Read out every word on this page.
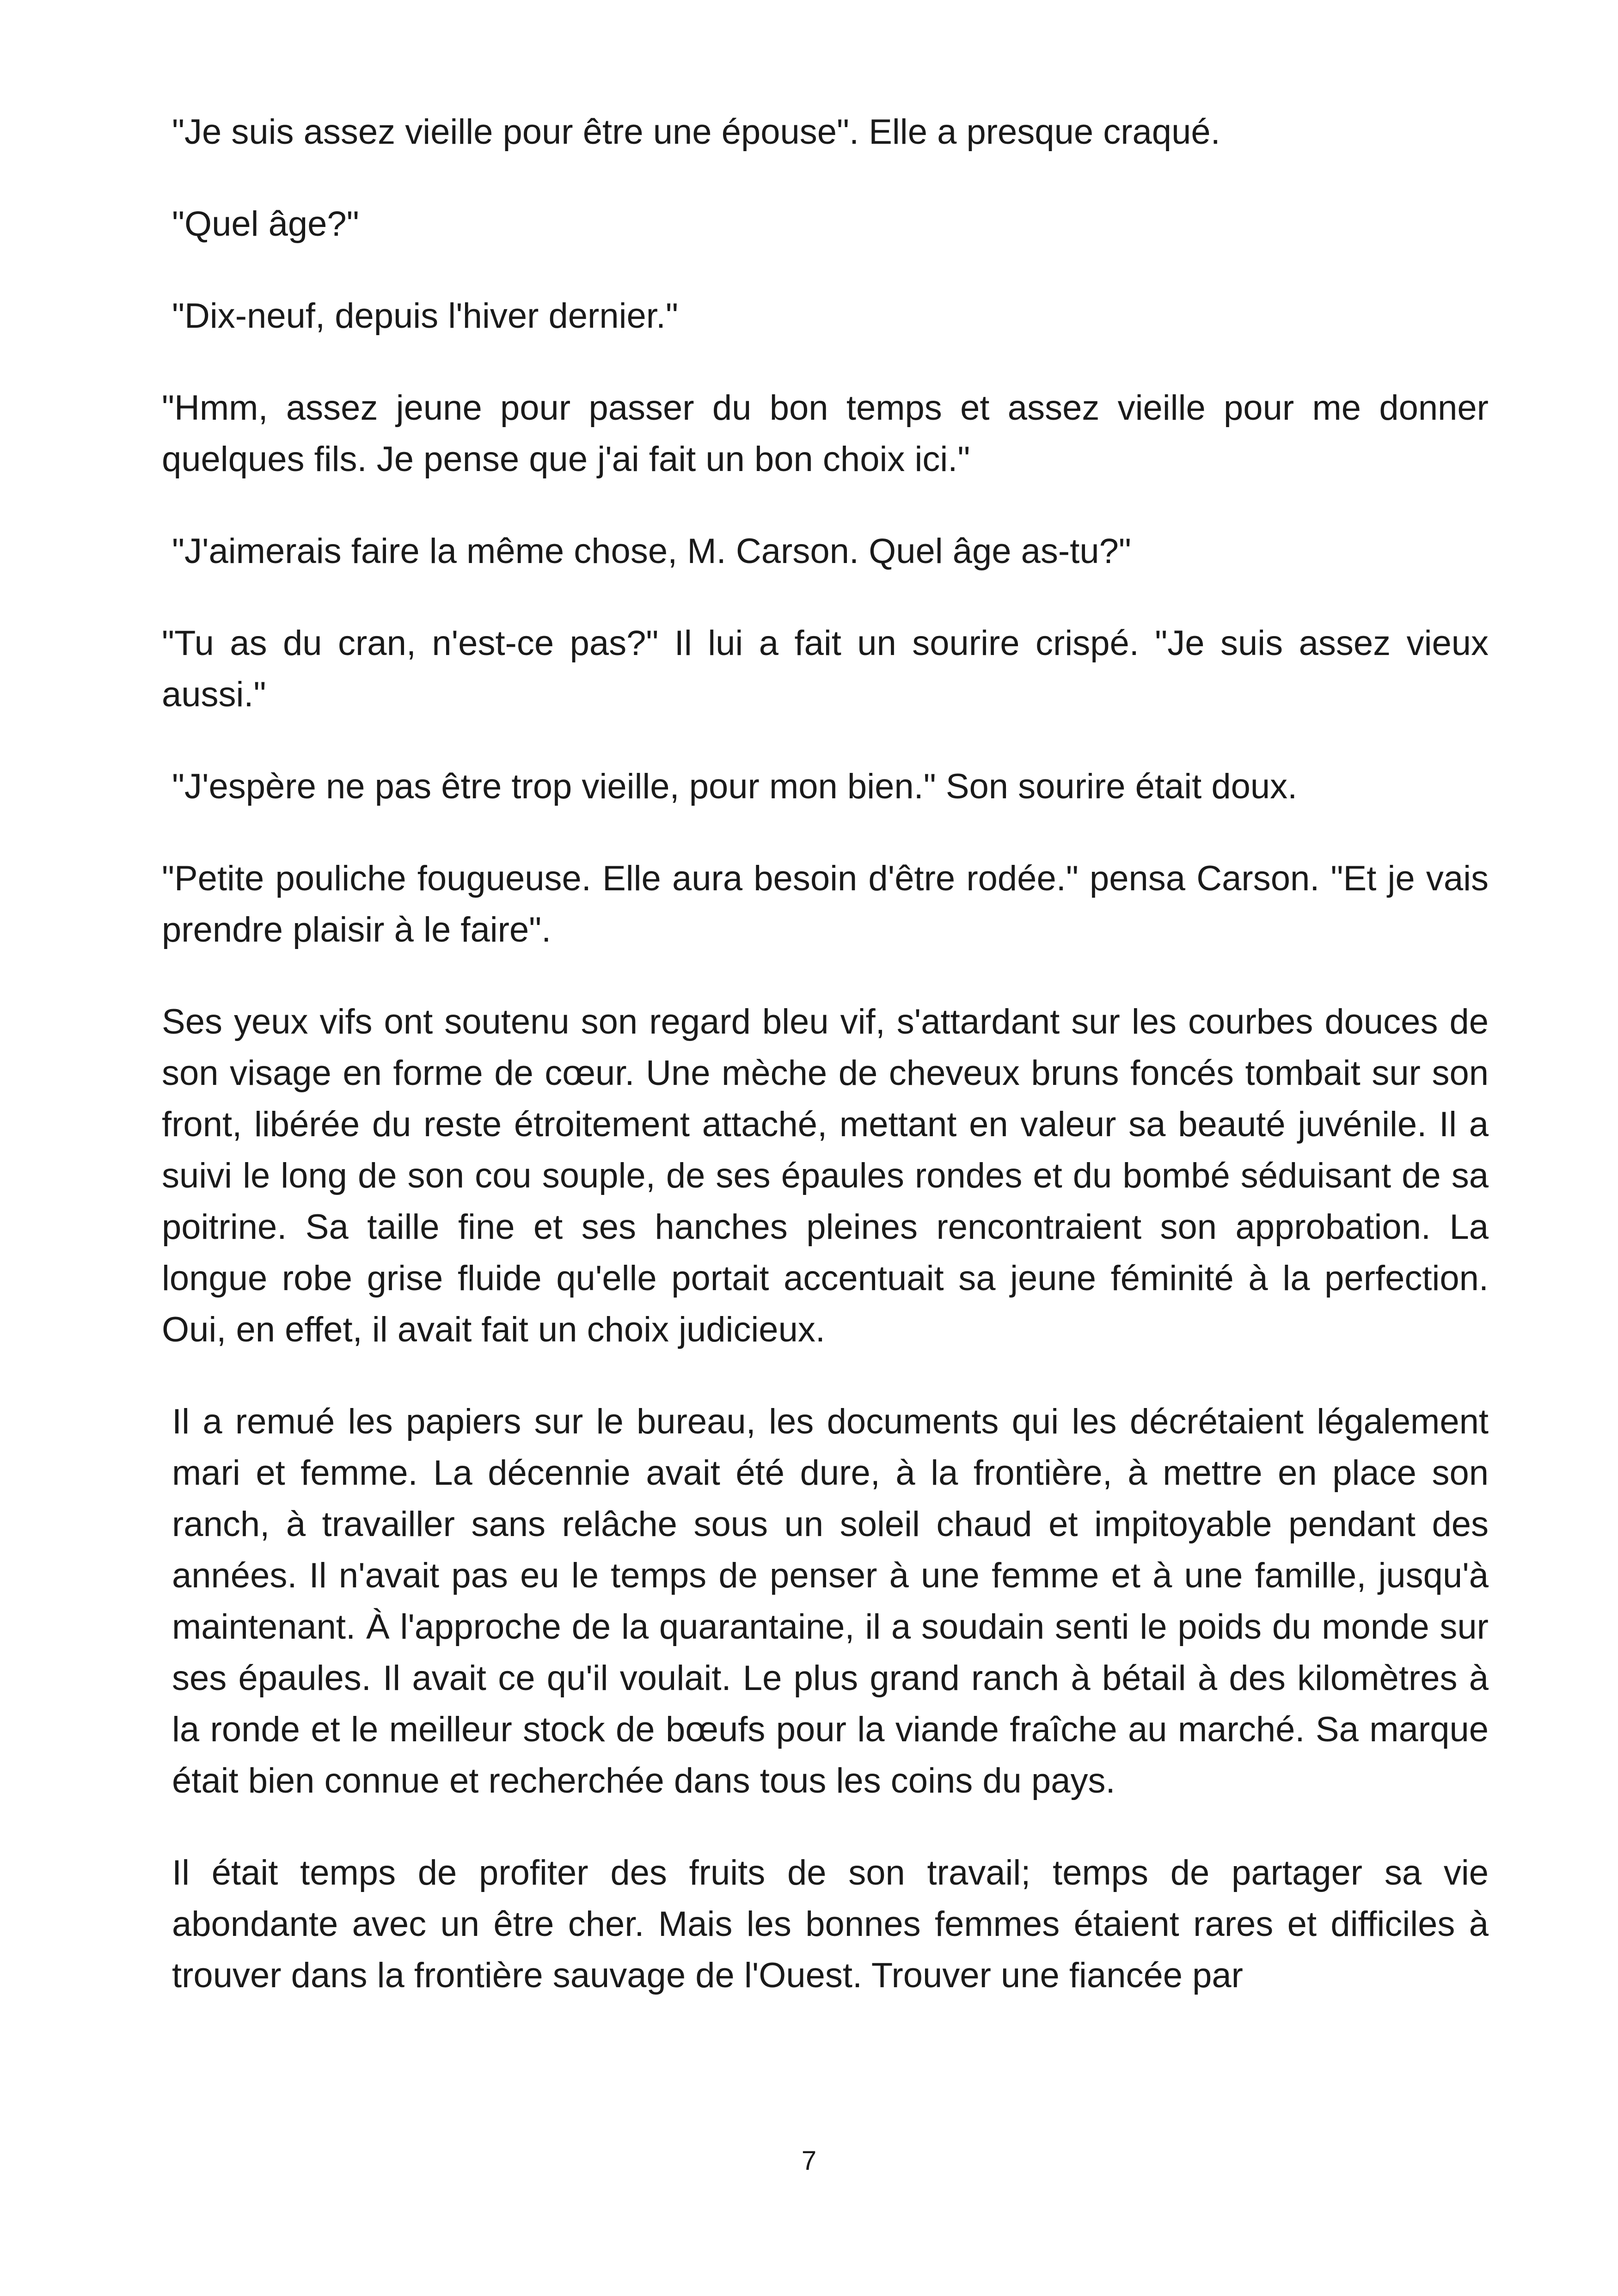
"Je suis assez vieille pour être une épouse". Elle a presque craqué.

"Quel âge?"

"Dix-neuf, depuis l'hiver dernier."

"Hmm, assez jeune pour passer du bon temps et assez vieille pour me donner quelques fils. Je pense que j'ai fait un bon choix ici."

"J'aimerais faire la même chose, M. Carson. Quel âge as-tu?"

"Tu as du cran, n'est-ce pas?" Il lui a fait un sourire crispé. "Je suis assez vieux aussi."

"J'espère ne pas être trop vieille, pour mon bien." Son sourire était doux.

"Petite pouliche fougueuse. Elle aura besoin d'être rodée." pensa Carson. "Et je vais prendre plaisir à le faire".

Ses yeux vifs ont soutenu son regard bleu vif, s'attardant sur les courbes douces de son visage en forme de cœur. Une mèche de cheveux bruns foncés tombait sur son front, libérée du reste étroitement attaché, mettant en valeur sa beauté juvénile. Il a suivi le long de son cou souple, de ses épaules rondes et du bombé séduisant de sa poitrine. Sa taille fine et ses hanches pleines rencontraient son approbation. La longue robe grise fluide qu'elle portait accentuait sa jeune féminité à la perfection. Oui, en effet, il avait fait un choix judicieux.

Il a remué les papiers sur le bureau, les documents qui les décrétaient légalement mari et femme. La décennie avait été dure, à la frontière, à mettre en place son ranch, à travailler sans relâche sous un soleil chaud et impitoyable pendant des années. Il n'avait pas eu le temps de penser à une femme et à une famille, jusqu'à maintenant. À l'approche de la quarantaine, il a soudain senti le poids du monde sur ses épaules. Il avait ce qu'il voulait. Le plus grand ranch à bétail à des kilomètres à la ronde et le meilleur stock de bœufs pour la viande fraîche au marché. Sa marque était bien connue et recherchée dans tous les coins du pays.

Il était temps de profiter des fruits de son travail; temps de partager sa vie abondante avec un être cher. Mais les bonnes femmes étaient rares et difficiles à trouver dans la frontière sauvage de l'Ouest. Trouver une fiancée par

7
